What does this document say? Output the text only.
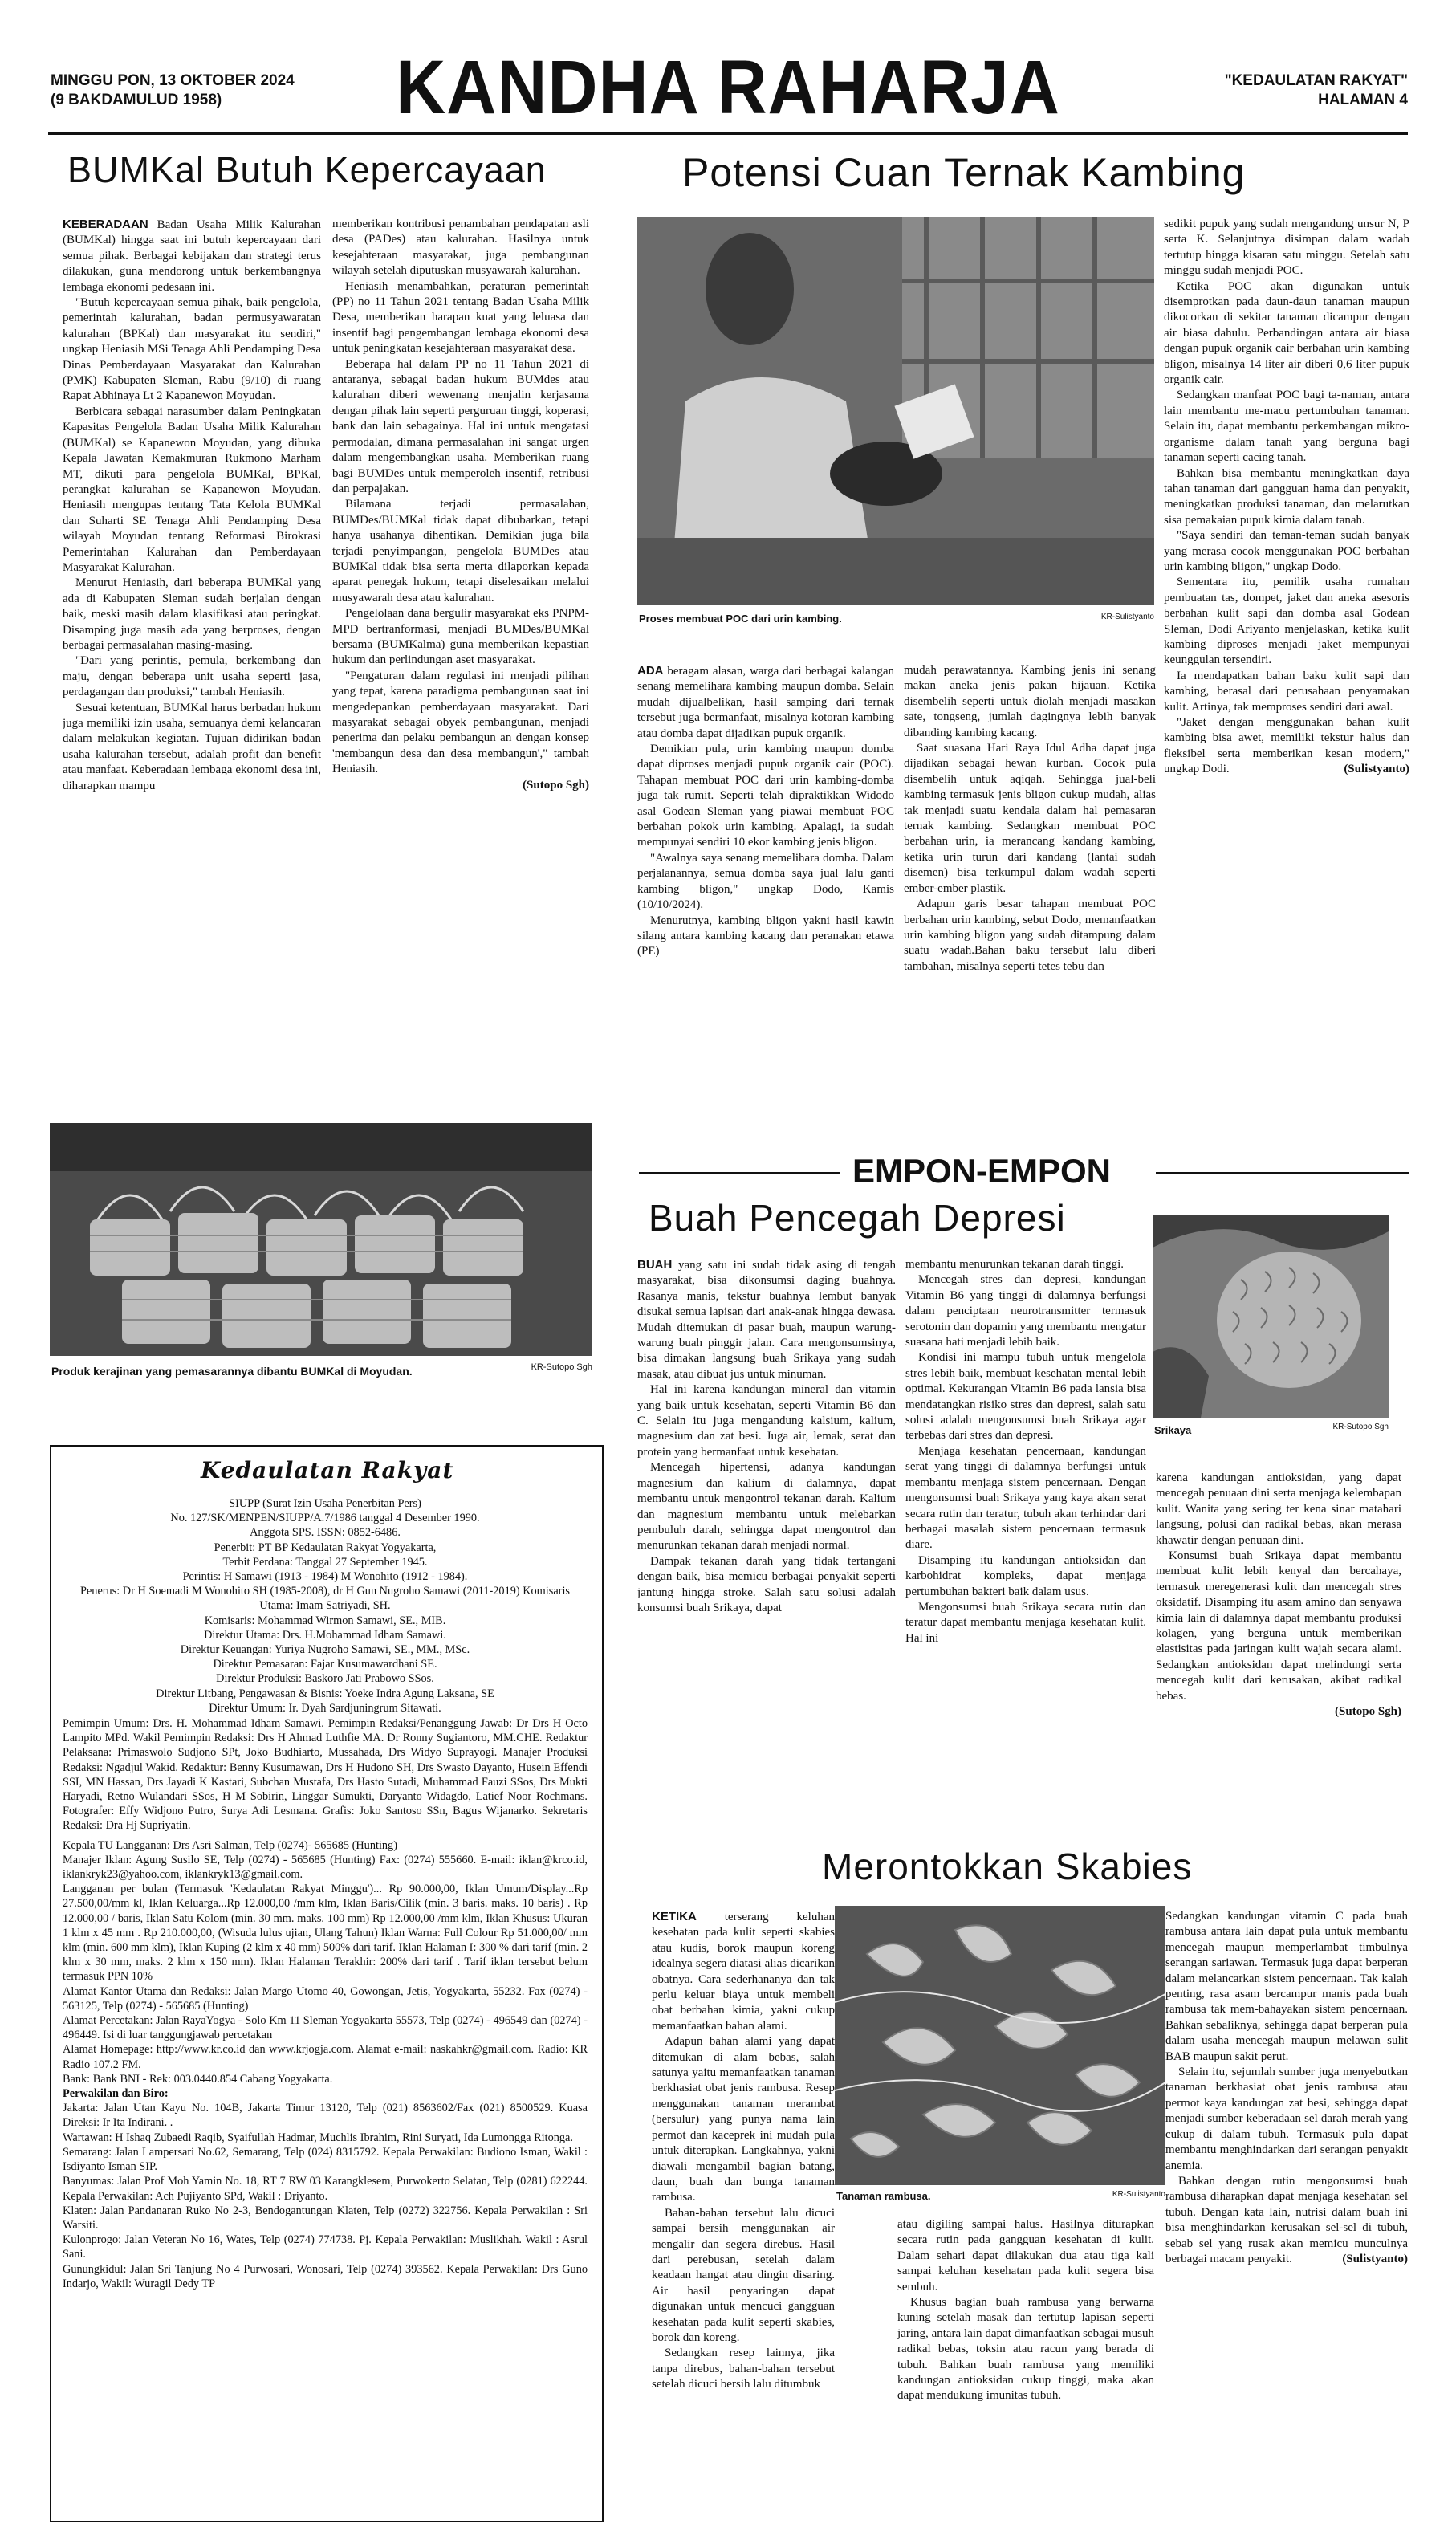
MINGGU PON, 13 OKTOBER 2024
(9 BAKDAMULUD 1958)	KANDHA RAHARJA	"KEDAULATAN RAKYAT"
HALAMAN 4
BUMKal Butuh Kepercayaan

KEBERADAAN Badan Usaha Milik Kalurahan (BUMKal) hingga saat ini butuh kepercayaan dari semua pihak. Berbagai kebijakan dan strategi terus dilakukan, guna mendorong untuk berkembangnya lembaga ekonomi pedesaan ini.

"Butuh kepercayaan semua pihak, baik pengelola, pemerintah kalurahan, badan permusyawaratan kalurahan (BPKal) dan masyarakat itu sendiri," ungkap Heniasih MSi Tenaga Ahli Pendamping Desa Dinas Pemberdayaan Masyarakat dan Kalurahan (PMK) Kabupaten Sleman, Rabu (9/10) di ruang Rapat Abhinaya Lt 2 Kapanewon Moyudan.

Berbicara sebagai narasumber dalam Peningkatan Kapasitas Pengelola Badan Usaha Milik Kalurahan (BUMKal) se Kapanewon Moyudan, yang dibuka Kepala Jawatan Kemakmuran Rukmono Marham MT, dikuti para pengelola BUMKal, BPKal, perangkat kalurahan se Kapanewon Moyudan. Heniasih mengupas tentang Tata Kelola BUMKal dan Suharti SE Tenaga Ahli Pendamping Desa wilayah Moyudan tentang Reformasi Birokrasi Pemerintahan Kalurahan dan Pemberdayaan Masyarakat Kalurahan.

Menurut Heniasih, dari beberapa BUMKal yang ada di Kabupaten Sleman sudah berjalan dengan baik, meski masih dalam klasifikasi atau peringkat. Disamping juga masih ada yang berproses, dengan berbagai permasalahan masing-masing.

"Dari yang perintis, pemula, berkembang dan maju, dengan beberapa unit usaha seperti jasa, perdagangan dan produksi," tambah Heniasih.

Sesuai ketentuan, BUMKal harus berbadan hukum juga memiliki izin usaha, semuanya demi kelancaran dalam melakukan kegiatan. Tujuan didirikan badan usaha kalurahan tersebut, adalah profit dan benefit atau manfaat. Keberadaan lembaga ekonomi desa ini, diharapkan mampu

memberikan kontribusi penambahan pendapatan asli desa (PADes) atau kalurahan. Hasilnya untuk kesejahteraan masyarakat, juga pembangunan wilayah setelah diputuskan musyawarah kalurahan.

Heniasih menambahkan, peraturan pemerintah (PP) no 11 Tahun 2021 tentang Badan Usaha Milik Desa, memberikan harapan kuat yang leluasa dan insentif bagi pengembangan lembaga ekonomi desa untuk peningkatan kesejahteraan masyarakat desa.

Beberapa hal dalam PP no 11 Tahun 2021 di antaranya, sebagai badan hukum BUMdes atau kalurahan diberi wewenang menjalin kerjasama dengan pihak lain seperti perguruan tinggi, koperasi, bank dan lain sebagainya. Hal ini untuk mengatasi permodalan, dimana permasalahan ini sangat urgen dalam mengembangkan usaha. Memberikan ruang bagi BUMDes untuk memperoleh insentif, retribusi dan perpajakan.

Bilamana terjadi permasalahan, BUMDes/BUMKal tidak dapat dibubarkan, tetapi hanya usahanya dihentikan. Demikian juga bila terjadi penyimpangan, pengelola BUMDes atau BUMKal tidak bisa serta merta dilaporkan kepada aparat penegak hukum, tetapi diselesaikan melalui musyawarah desa atau kalurahan.

Pengelolaan dana bergulir masyarakat eks PNPM-MPD bertranformasi, menjadi BUMDes/BUMKal bersama (BUMKalma) guna memberikan kepastian hukum dan perlindungan aset masyarakat.

"Pengaturan dalam regulasi ini menjadi pilihan yang tepat, karena paradigma pembangunan saat ini mengedepankan pemberdayaan masyarakat. Dari masyarakat sebagai obyek pembangunan, menjadi penerima dan pelaku pembangun an dengan konsep 'membangun desa dan desa membangun'," tambah Heniasih.

(Sutopo Sgh)

Produk kerajinan yang pemasarannya dibantu BUMKal di Moyudan.	KR-Sutopo Sgh
Kedaulatan Rakyat

SIUPP (Surat Izin Usaha Penerbitan Pers)

No. 127/SK/MENPEN/SIUPP/A.7/1986 tanggal 4 Desember 1990.

Anggota SPS. ISSN: 0852-6486.

Penerbit: PT BP Kedaulatan Rakyat Yogyakarta,

Terbit Perdana: Tanggal 27 September 1945.

Perintis: H Samawi (1913 - 1984) M Wonohito (1912 - 1984).

Penerus: Dr H Soemadi M Wonohito SH (1985-2008), dr H Gun Nugroho Samawi (2011-2019) Komisaris Utama: Imam Satriyadi, SH.

Komisaris: Mohammad Wirmon Samawi, SE., MIB.

Direktur Utama: Drs. H.Mohammad Idham Samawi.

Direktur Keuangan: Yuriya Nugroho Samawi, SE., MM., MSc.

Direktur Pemasaran: Fajar Kusumawardhani SE.

Direktur Produksi: Baskoro Jati Prabowo SSos.

Direktur Litbang, Pengawasan & Bisnis: Yoeke Indra Agung Laksana, SE

Direktur Umum: Ir. Dyah Sardjuningrum Sitawati.

Pemimpin Umum: Drs. H. Mohammad Idham Samawi. Pemimpin Redaksi/Penanggung Jawab: Dr Drs H Octo Lampito MPd. Wakil Pemimpin Redaksi: Drs H Ahmad Luthfie MA. Dr Ronny Sugiantoro, MM.CHE. Redaktur Pelaksana: Primaswolo Sudjono SPt, Joko Budhiarto, Mussahada, Drs Widyo Suprayogi. Manajer Produksi Redaksi: Ngadjul Wakid. Redaktur: Benny Kusumawan, Drs H Hudono SH, Drs Swasto Dayanto, Husein Effendi SSI, MN Hassan, Drs Jayadi K Kastari, Subchan Mustafa, Drs Hasto Sutadi, Muhammad Fauzi SSos, Drs Mukti Haryadi, Retno Wulandari SSos, H M Sobirin, Linggar Sumukti, Daryanto Widagdo, Latief Noor Rochmans. Fotografer: Effy Widjono Putro, Surya Adi Lesmana. Grafis: Joko Santoso SSn, Bagus Wijanarko. Sekretaris Redaksi: Dra Hj Supriyatin.

Kepala TU Langganan: Drs Asri Salman, Telp (0274)- 565685 (Hunting)

Manajer Iklan: Agung Susilo SE, Telp (0274) - 565685 (Hunting) Fax: (0274) 555660. E-mail: iklan@krco.id, iklankryk23@yahoo.com, iklankryk13@gmail.com.

Langganan per bulan (Termasuk 'Kedaulatan Rakyat Minggu')... Rp 90.000,00, Iklan Umum/Display...Rp 27.500,00/mm kl, Iklan Keluarga...Rp 12.000,00 /mm klm, Iklan Baris/Cilik (min. 3 baris. maks. 10 baris) . Rp 12.000,00 / baris, Iklan Satu Kolom (min. 30 mm. maks. 100 mm) Rp 12.000,00 /mm klm, Iklan Khusus: Ukuran 1 klm x 45 mm . Rp 210.000,00, (Wisuda lulus ujian, Ulang Tahun) Iklan Warna: Full Colour Rp 51.000,00/ mm klm (min. 600 mm klm), Iklan Kuping (2 klm x 40 mm) 500% dari tarif. Iklan Halaman I: 300 % dari tarif (min. 2 klm x 30 mm, maks. 2 klm x 150 mm). Iklan Halaman Terakhir: 200% dari tarif . Tarif iklan tersebut belum termasuk PPN 10%

Alamat Kantor Utama dan Redaksi: Jalan Margo Utomo 40, Gowongan, Jetis, Yogyakarta, 55232. Fax (0274) - 563125, Telp (0274) - 565685 (Hunting)

Alamat Percetakan: Jalan RayaYogya - Solo Km 11 Sleman Yogyakarta 55573, Telp (0274) - 496549 dan (0274) - 496449. Isi di luar tanggungjawab percetakan

Alamat Homepage: http://www.kr.co.id dan www.krjogja.com. Alamat e-mail: naskahkr@gmail.com. Radio: KR Radio 107.2 FM.

Bank: Bank BNI - Rek: 003.0440.854 Cabang Yogyakarta.

Perwakilan dan Biro:

Jakarta: Jalan Utan Kayu No. 104B, Jakarta Timur 13120, Telp (021) 8563602/Fax (021) 8500529. Kuasa Direksi: Ir Ita Indirani. .

Wartawan: H Ishaq Zubaedi Raqib, Syaifullah Hadmar, Muchlis Ibrahim, Rini Suryati, Ida Lumongga Ritonga.

Semarang: Jalan Lampersari No.62, Semarang, Telp (024) 8315792. Kepala Perwakilan: Budiono Isman, Wakil : Isdiyanto Isman SIP.

Banyumas: Jalan Prof Moh Yamin No. 18, RT 7 RW 03 Karangklesem, Purwokerto Selatan, Telp (0281) 622244. Kepala Perwakilan: Ach Pujiyanto SPd, Wakil : Driyanto.

Klaten: Jalan Pandanaran Ruko No 2-3, Bendogantungan Klaten, Telp (0272) 322756. Kepala Perwakilan : Sri Warsiti.

Kulonprogo: Jalan Veteran No 16, Wates, Telp (0274) 774738. Pj. Kepala Perwakilan: Muslikhah. Wakil : Asrul Sani.

Gunungkidul: Jalan Sri Tanjung No 4 Purwosari, Wonosari, Telp (0274) 393562. Kepala Perwakilan: Drs Guno Indarjo, Wakil: Wuragil Dedy TP

Potensi Cuan Ternak Kambing
Proses membuat POC dari urin kambing.	KR-Sulistyanto

ADA beragam alasan, warga dari berbagai kalangan senang memelihara kambing maupun domba. Selain mudah dijualbelikan, hasil samping dari ternak tersebut juga bermanfaat, misalnya kotoran kambing atau domba dapat dijadikan pupuk organik.

Demikian pula, urin kambing maupun domba dapat diproses menjadi pupuk organik cair (POC). Tahapan membuat POC dari urin kambing-domba juga tak rumit. Seperti telah dipraktikkan Widodo asal Godean Sleman yang piawai membuat POC berbahan pokok urin kambing. Apalagi, ia sudah mempunyai sendiri 10 ekor kambing jenis bligon.

"Awalnya saya senang memelihara domba. Dalam perjalanannya, semua domba saya jual lalu ganti kambing bligon," ungkap Dodo, Kamis (10/10/2024).

Menurutnya, kambing bligon yakni hasil kawin silang antara kambing kacang dan peranakan etawa (PE)

mudah perawatannya. Kambing jenis ini senang makan aneka jenis pakan hijauan. Ketika disembelih seperti untuk diolah menjadi masakan sate, tongseng, jumlah dagingnya lebih banyak dibanding kambing kacang.

Saat suasana Hari Raya Idul Adha dapat juga dijadikan sebagai hewan kurban. Cocok pula disembelih untuk aqiqah. Sehingga jual-beli kambing termasuk jenis bligon cukup mudah, alias tak menjadi suatu kendala dalam hal pemasaran ternak kambing. Sedangkan membuat POC berbahan urin, ia merancang kandang kambing, ketika urin turun dari kandang (lantai sudah disemen) bisa terkumpul dalam wadah seperti ember-ember plastik.

Adapun garis besar tahapan membuat POC berbahan urin kambing, sebut Dodo, memanfaatkan urin kambing bligon yang sudah ditampung dalam suatu wadah.Bahan baku tersebut lalu diberi tambahan, misalnya seperti tetes tebu dan

sedikit pupuk yang sudah mengandung unsur N, P serta K. Selanjutnya disimpan dalam wadah tertutup hingga kisaran satu minggu. Setelah satu minggu sudah menjadi POC.

Ketika POC akan digunakan untuk disemprotkan pada daun-daun tanaman maupun dikocorkan di sekitar tanaman dicampur dengan air biasa dahulu. Perbandingan antara air biasa dengan pupuk organik cair berbahan urin kambing bligon, misalnya 14 liter air diberi 0,6 liter pupuk organik cair.

Sedangkan manfaat POC bagi ta-naman, antara lain membantu me-macu pertumbuhan tanaman. Selain itu, dapat membantu perkembangan mikro-organisme dalam tanah yang berguna bagi tanaman seperti cacing tanah.

Bahkan bisa membantu meningkatkan daya tahan tanaman dari gangguan hama dan penyakit, meningkatkan produksi tanaman, dan melarutkan sisa pemakaian pupuk kimia dalam tanah.

"Saya sendiri dan teman-teman sudah banyak yang merasa cocok menggunakan POC berbahan urin kambing bligon," ungkap Dodo.

Sementara itu, pemilik usaha rumahan pembuatan tas, dompet, jaket dan aneka asesoris berbahan kulit sapi dan domba asal Godean Sleman, Dodi Ariyanto menjelaskan, ketika kulit kambing diproses menjadi jaket mempunyai keunggulan tersendiri.

Ia mendapatkan bahan baku kulit sapi dan kambing, berasal dari perusahaan penyamakan kulit. Artinya, tak memproses sendiri dari awal.

"Jaket dengan menggunakan bahan kulit kambing bisa awet, memiliki tekstur halus dan fleksibel serta memberikan kesan modern," ungkap Dodi.	(Sulistyanto)

EMPON-EMPON
Buah Pencegah Depresi

BUAH yang satu ini sudah tidak asing di tengah masyarakat, bisa dikonsumsi daging buahnya. Rasanya manis, tekstur buahnya lembut banyak disukai semua lapisan dari anak-anak hingga dewasa. Mudah ditemukan di pasar buah, maupun warung-warung buah pinggir jalan. Cara mengonsumsinya, bisa dimakan langsung buah Srikaya yang sudah masak, atau dibuat jus untuk minuman.

Hal ini karena kandungan mineral dan vitamin yang baik untuk kesehatan, seperti Vitamin B6 dan C. Selain itu juga mengandung kalsium, kalium, magnesium dan zat besi. Juga air, lemak, serat dan protein yang bermanfaat untuk kesehatan.

Mencegah hipertensi, adanya kandungan magnesium dan kalium di dalamnya, dapat membantu untuk mengontrol tekanan darah. Kalium dan magnesium membantu untuk melebarkan pembuluh darah, sehingga dapat mengontrol dan menurunkan tekanan darah menjadi normal.

Dampak tekanan darah yang tidak tertangani dengan baik, bisa memicu berbagai penyakit seperti jantung hingga stroke. Salah satu solusi adalah konsumsi buah Srikaya, dapat

membantu menurunkan tekanan darah tinggi.

Mencegah stres dan depresi, kandungan Vitamin B6 yang tinggi di dalamnya berfungsi dalam penciptaan neurotransmitter termasuk serotonin dan dopamin yang membantu mengatur suasana hati menjadi lebih baik.

Kondisi ini mampu tubuh untuk mengelola stres lebih baik, membuat kesehatan mental lebih optimal. Kekurangan Vitamin B6 pada lansia bisa mendatangkan risiko stres dan depresi, salah satu solusi adalah mengonsumsi buah Srikaya agar terbebas dari stres dan depresi.

Menjaga kesehatan pencernaan, kandungan serat yang tinggi di dalamnya berfungsi untuk membantu menjaga sistem pencernaan. Dengan mengonsumsi buah Srikaya yang kaya akan serat secara rutin dan teratur, tubuh akan terhindar dari berbagai masalah sistem pencernaan termasuk diare.

Disamping itu kandungan antioksidan dan karbohidrat kompleks, dapat menjaga pertumbuhan bakteri baik dalam usus.

Mengonsumsi buah Srikaya secara rutin dan teratur dapat membantu menjaga kesehatan kulit. Hal ini

Srikaya	KR-Sutopo Sgh

karena kandungan antioksidan, yang dapat mencegah penuaan dini serta menjaga kelembapan kulit. Wanita yang sering ter kena sinar matahari langsung, polusi dan radikal bebas, akan merasa khawatir dengan penuaan dini.

Konsumsi buah Srikaya dapat membantu membuat kulit lebih kenyal dan bercahaya, termasuk meregenerasi kulit dan mencegah stres oksidatif. Disamping itu asam amino dan senyawa kimia lain di dalamnya dapat membantu produksi kolagen, yang berguna untuk memberikan elastisitas pada jaringan kulit wajah secara alami. Sedangkan antioksidan dapat melindungi serta mencegah kulit dari kerusakan, akibat radikal bebas.

(Sutopo Sgh)

Merontokkan Skabies

KETIKA terserang keluhan kesehatan pada kulit seperti skabies atau kudis, borok maupun koreng idealnya segera diatasi alias dicarikan obatnya. Cara sederhananya dan tak perlu keluar biaya untuk membeli obat berbahan kimia, yakni cukup memanfaatkan bahan alami.

Adapun bahan alami yang dapat ditemukan di alam bebas, salah satunya yaitu memanfaatkan tanaman berkhasiat obat jenis rambusa. Resep menggunakan tanaman merambat (bersulur) yang punya nama lain permot dan kaceprek ini mudah pula untuk diterapkan. Langkahnya, yakni diawali mengambil bagian batang, daun, buah dan bunga tanaman rambusa.

Bahan-bahan tersebut lalu dicuci sampai bersih menggunakan air mengalir dan segera direbus. Hasil dari perebusan, setelah dalam keadaan hangat atau dingin disaring. Air hasil penyaringan dapat digunakan untuk mencuci gangguan kesehatan pada kulit seperti skabies, borok dan koreng.

Sedangkan resep lainnya, jika tanpa direbus, bahan-bahan tersebut setelah dicuci bersih lalu ditumbuk

Tanaman rambusa.	KR-Sulistyanto

atau digiling sampai halus. Hasilnya diturapkan secara rutin pada gangguan kesehatan di kulit. Dalam sehari dapat dilakukan dua atau tiga kali sampai keluhan kesehatan pada kulit segera bisa sembuh.

Khusus bagian buah rambusa yang berwarna kuning setelah masak dan tertutup lapisan seperti jaring, antara lain dapat dimanfaatkan sebagai musuh radikal bebas, toksin atau racun yang berada di tubuh. Bahkan buah rambusa yang memiliki kandungan antioksidan cukup tinggi, maka akan dapat mendukung imunitas tubuh.

Sedangkan kandungan vitamin C pada buah rambusa antara lain dapat pula untuk membantu mencegah maupun memperlambat timbulnya serangan sariawan. Termasuk juga dapat berperan dalam melancarkan sistem pencernaan. Tak kalah penting, rasa asam bercampur manis pada buah rambusa tak mem-bahayakan sistem pencernaan. Bahkan sebaliknya, sehingga dapat berperan pula dalam usaha mencegah maupun melawan sulit BAB maupun sakit perut.

Selain itu, sejumlah sumber juga menyebutkan tanaman berkhasiat obat jenis rambusa atau permot kaya kandungan zat besi, sehingga dapat menjadi sumber keberadaan sel darah merah yang cukup di dalam tubuh. Termasuk pula dapat membantu menghindarkan dari serangan penyakit anemia.

Bahkan dengan rutin mengonsumsi buah rambusa diharapkan dapat menjaga kesehatan sel tubuh. Dengan kata lain, nutrisi dalam buah ini bisa menghindarkan kerusakan sel-sel di tubuh, sebab sel yang rusak akan memicu munculnya berbagai macam penyakit.	(Sulistyanto)
